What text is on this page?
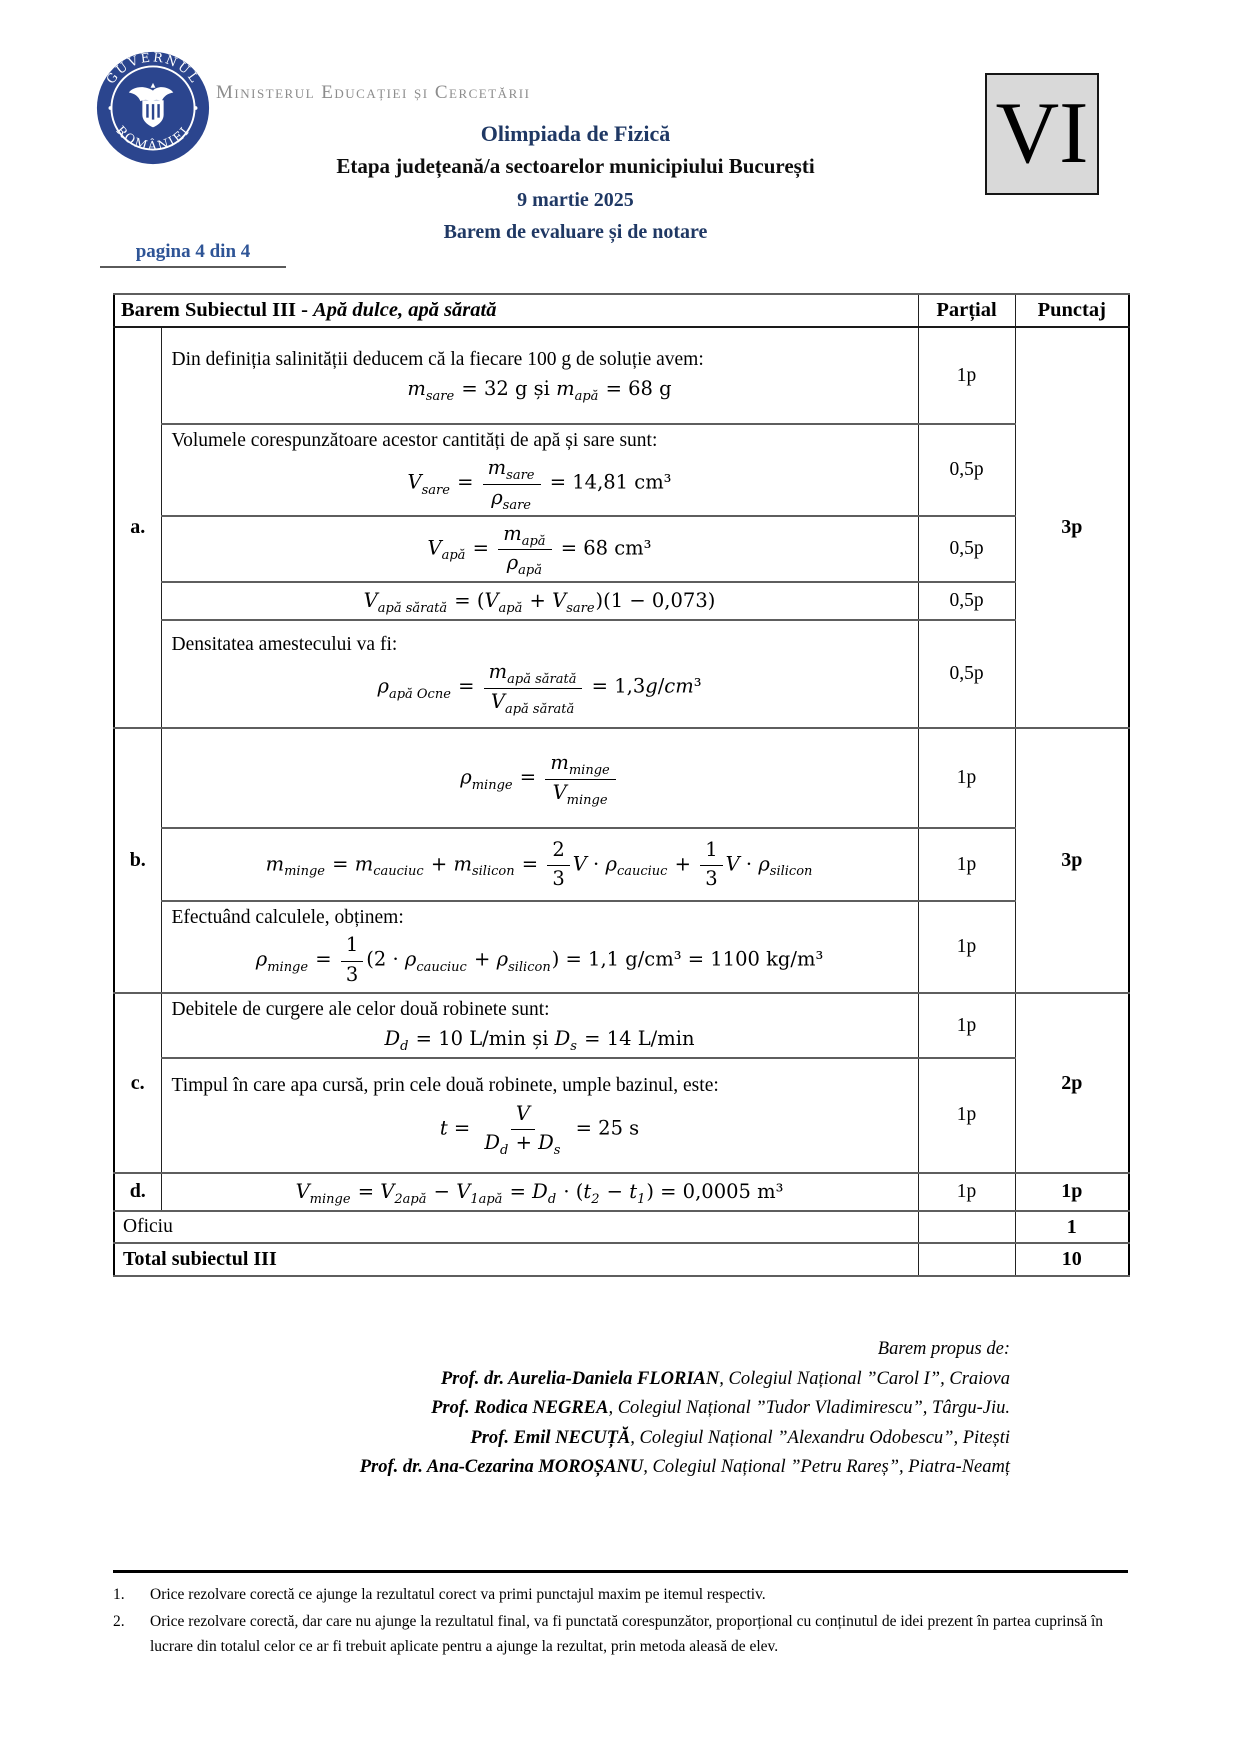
GUVERNUL
ROMÂNIEI
Ministerul Educației și Cercetării	VI
Olimpiada de Fizică
Etapa județeană/a sectoarelor municipiului București
9 martie 2025
Barem de evaluare și de notare
pagina 4 din 4
Barem Subiectul III - Apă dulce, apă sărată		Parțial	Punctaj
a.	Din definiția salinității deducem că la fiecare 100 g de soluție avem:
msare = 32 g și mapă = 68 g	1p	3p

	Volumele corespunzătoare acestor cantități de apă și sare sunt:
Vsare = $\frac{\text{msare}}{\text{ρsare}} = 14,81$ cm³	0,5p	

	Vapă = $\frac{\text{mapă}}{\text{ρapă}} = 68$ cm³	0,5p	

	Vapă sărată = (Vapă + Vsare)(1 − 0,073)	0,5p	

	Densitatea amestecului va fi:
ρapă Ocne = $\frac{\text{mapă sărată}}{\text{Vapă sărată}} = 1,3g/cm^3$	0,5p	
b.	ρminge = $\frac{\text{mminge}}{\text{Vminge}}$	1p	3p

mminge = mcauciuc + msilicon = $\frac{2}{3}$ V · ρcauciuc + $\frac{1}{3}$ V · ρsilicon	1p

	Efectuând calculele, obținem:
ρminge = $\frac{1}{3} (2$ · ρcauciuc + ρsilicon) = 1,1 g/cm³ = 1100 kg/m³	1p	
c.	Debitele de curgere ale celor două robinete sunt:
Dd = 10 L/min și Ds = 14 L/min	1p	2p

	Timpul în care apa cursă, prin cele două robinete, umple bazinul, este:
$t = \frac{V}{Dd + Ds} = 25$ s	1p	
d.	Vminge = V2apă − V1apă = Dd · (t2 − t1) = 0,0005 m³	1p	1p
Oficiu			1
Total subiectul III			10
Barem propus de:
Prof. dr. Aurelia-Daniela FLORIAN, Colegiul Național ”Carol I”, Craiova
Prof. Rodica NEGREA, Colegiul Național ”Tudor Vladimirescu”, Târgu-Jiu.
Prof. Emil NECUȚĂ, Colegiul Național ”Alexandru Odobescu”, Pitești
Prof. dr. Ana-Cezarina MOROȘANU, Colegiul Național ”Petru Rareș”, Piatra-Neamț
1.	Orice rezolvare corectă ce ajunge la rezultatul corect va primi punctajul maxim pe itemul respectiv.
2.	Orice rezolvare corectă, dar care nu ajunge la rezultatul final, va fi punctată corespunzător, proporțional cu conținutul de idei prezent în partea cuprinsă în lucrare din totalul celor ce ar fi trebuit aplicate pentru a ajunge la rezultat, prin metoda aleasă de elev.
